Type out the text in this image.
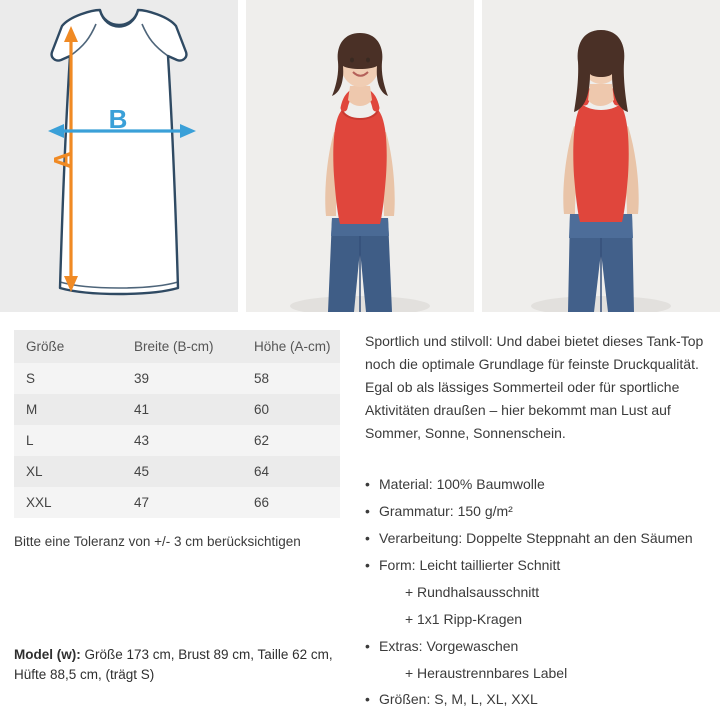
B
A
Größe	Breite (B-cm)	Höhe (A-cm)
S	39	58
M	41	60
L	43	62
XL	45	64
XXL	47	66
Bitte eine Toleranz von +/- 3 cm berücksichtigen
Model (w): Größe 173 cm, Brust 89 cm, Taille 62 cm,
Hüfte 88,5 cm, (trägt S)

Sportlich und stilvoll: Und dabei bietet dieses Tank-Top noch die optimale Grundlage für feinste Druckqualität. Egal ob als lässiges Sommerteil oder für sportliche Aktivitäten draußen – hier bekommt man Lust auf Sommer, Sonne, Sonnenschein.

• Material: 100% Baumwolle
• Grammatur: 150 g/m²
• Verarbeitung: Doppelte Steppnaht an den Säumen
• Form: Leicht taillierter Schnitt
+ Rundhalsausschnitt
+ 1x1 Ripp-Kragen
• Extras: Vorgewaschen
+ Heraustrennbares Label
• Größen: S, M, L, XL, XXL
